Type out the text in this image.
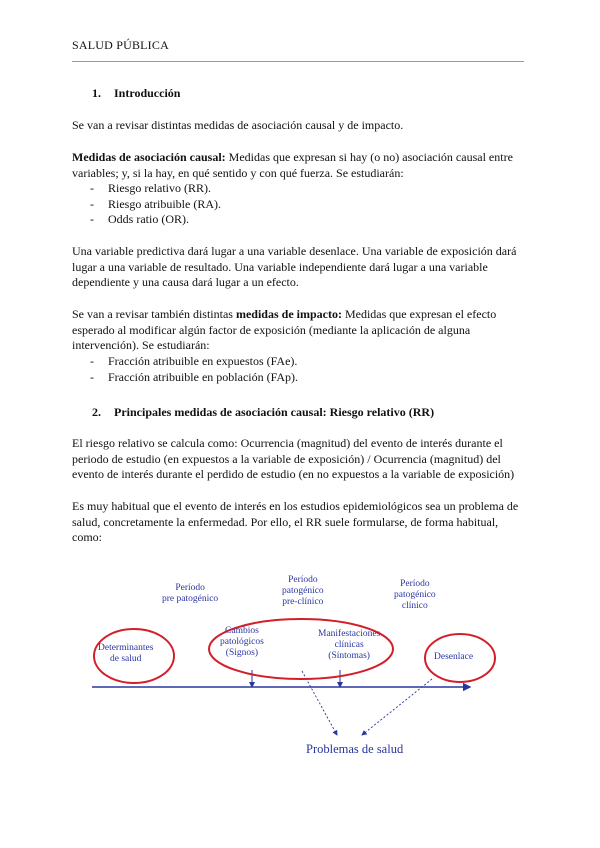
SALUD PÚBLICA
1. Introducción
Se van a revisar distintas medidas de asociación causal y de impacto.
Medidas de asociación causal: Medidas que expresan si hay (o no) asociación causal entre variables; y, si la hay, en qué sentido y con qué fuerza. Se estudiarán:
- Riesgo relativo (RR).
- Riesgo atribuible (RA).
- Odds ratio (OR).
Una variable predictiva dará lugar a una variable desenlace. Una variable de exposición dará lugar a una variable de resultado. Una variable independiente dará lugar a una variable dependiente y una causa dará lugar a un efecto.
Se van a revisar también distintas medidas de impacto: Medidas que expresan el efecto esperado al modificar algún factor de exposición (mediante la aplicación de alguna intervención). Se estudiarán:
- Fracción atribuible en expuestos (FAe).
- Fracción atribuible en población (FAp).
2. Principales medidas de asociación causal: Riesgo relativo (RR)
El riesgo relativo se calcula como: Ocurrencia (magnitud) del evento de interés durante el periodo de estudio (en expuestos a la variable de exposición) / Ocurrencia (magnitud) del evento de interés durante el perdido de estudio (en no expuestos a la variable de exposición)
Es muy habitual que el evento de interés en los estudios epidemiológicos sea un problema de salud, concretamente la enfermedad. Por ello, el RR suele formularse, de forma habitual, como:
Período
pre patogénico
Período
patogénico
pre-clínico
Período
patogénico
clínico
Determinantes
de salud
Cambios
patológicos
(Signos)
Manifestaciones
clínicas
(Síntomas)	Desenlace
Problemas de salud
